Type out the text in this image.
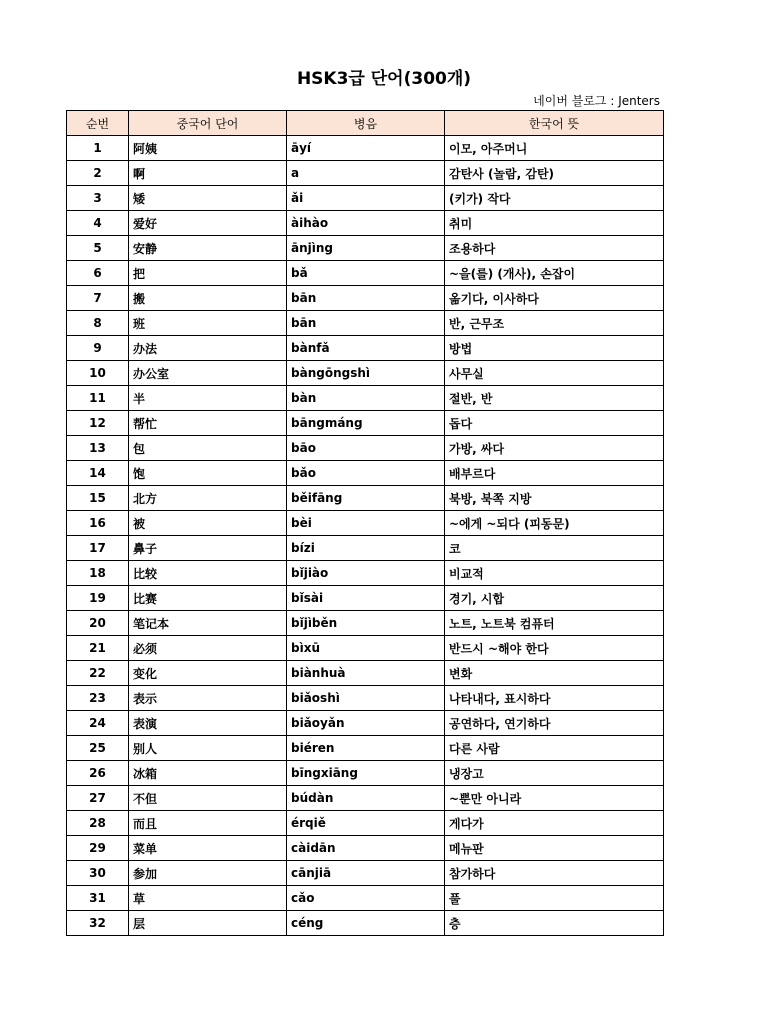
HSK3급 단어(300개)
네이버 블로그 : Jenters
순번	중국어 단어	병음	한국어 뜻
1	阿姨	āyí	이모, 아주머니
2	啊	a	감탄사 (놀람, 감탄)
3	矮	ǎi	(키가) 작다
4	爱好	àihào	취미
5	安静	ānjìng	조용하다
6	把	bǎ	~을(를) (개사), 손잡이
7	搬	bān	옮기다, 이사하다
8	班	bān	반, 근무조
9	办法	bànfǎ	방법
10	办公室	bàngōngshì	사무실
11	半	bàn	절반, 반
12	帮忙	bāngmáng	돕다
13	包	bāo	가방, 싸다
14	饱	bǎo	배부르다
15	北方	běifāng	북방, 북쪽 지방
16	被	bèi	~에게 ~되다 (피동문)
17	鼻子	bízi	코
18	比较	bǐjiào	비교적
19	比赛	bǐsài	경기, 시합
20	笔记本	bǐjìběn	노트, 노트북 컴퓨터
21	必须	bìxū	반드시 ~해야 한다
22	变化	biànhuà	변화
23	表示	biǎoshì	나타내다, 표시하다
24	表演	biǎoyǎn	공연하다, 연기하다
25	别人	biéren	다른 사람
26	冰箱	bīngxiāng	냉장고
27	不但	búdàn	~뿐만 아니라
28	而且	érqiě	게다가
29	菜单	càidān	메뉴판
30	参加	cānjiā	참가하다
31	草	cǎo	풀
32	层	céng	층
